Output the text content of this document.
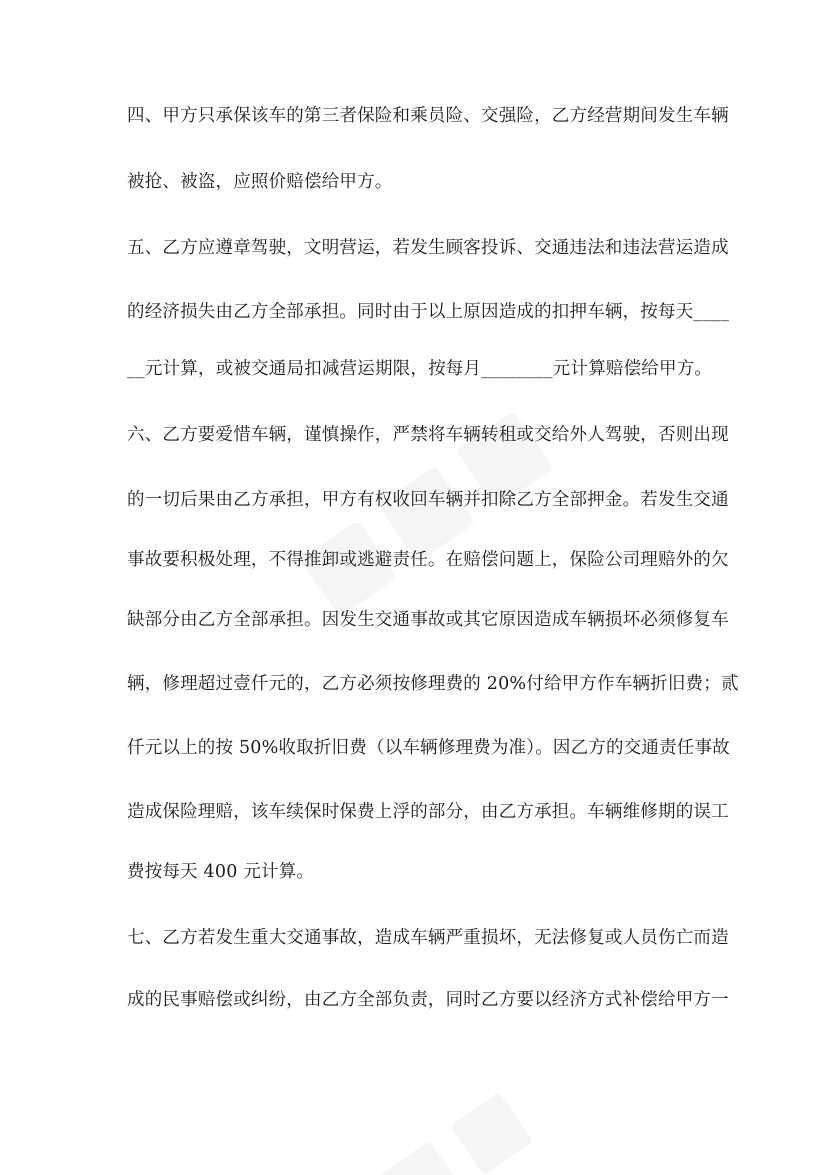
四、甲方只承保该车的第三者保险和乘员险、交强险，乙方经营期间发生车辆
被抢、被盗，应照价赔偿给甲方。
五、乙方应遵章驾驶，文明营运，若发生顾客投诉、交通违法和违法营运造成
的经济损失由乙方全部承担。同时由于以上原因造成的扣押车辆，按每天____
__元计算，或被交通局扣减营运期限，按每月________元计算赔偿给甲方。
六、乙方要爱惜车辆，谨慎操作，严禁将车辆转租或交给外人驾驶，否则出现
的一切后果由乙方承担，甲方有权收回车辆并扣除乙方全部押金。若发生交通
事故要积极处理，不得推卸或逃避责任。在赔偿问题上，保险公司理赔外的欠
缺部分由乙方全部承担。因发生交通事故或其它原因造成车辆损坏必须修复车
辆，修理超过壹仟元的，乙方必须按修理费的 20%付给甲方作车辆折旧费；贰
仟元以上的按 50%收取折旧费（以车辆修理费为准）。因乙方的交通责任事故
造成保险理赔，该车续保时保费上浮的部分，由乙方承担。车辆维修期的误工
费按每天 400 元计算。
七、乙方若发生重大交通事故，造成车辆严重损坏，无法修复或人员伤亡而造
成的民事赔偿或纠纷，由乙方全部负责，同时乙方要以经济方式补偿给甲方一
